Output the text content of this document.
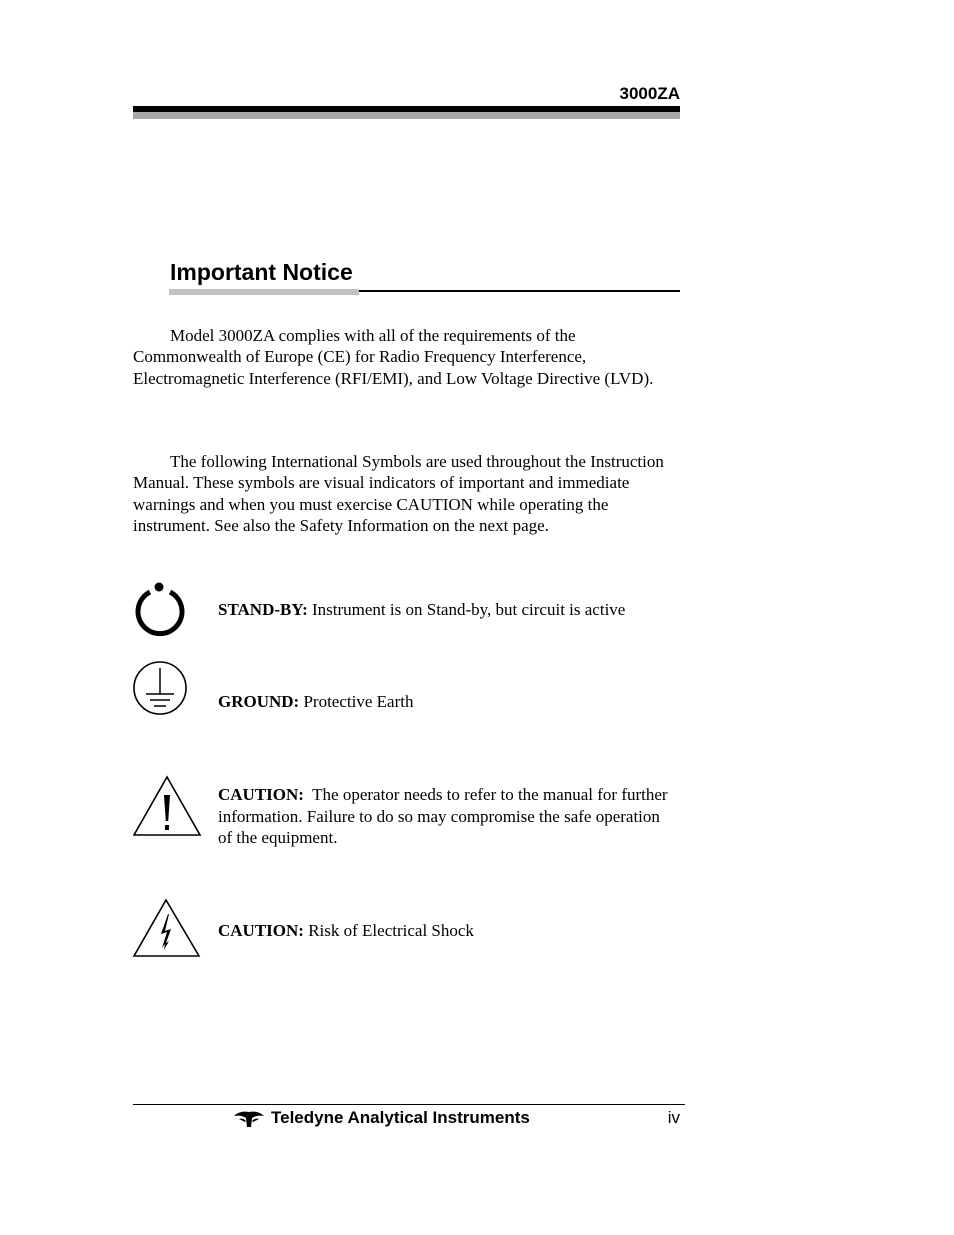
3000ZA
Important Notice
Model 3000ZA complies with all of the requirements of the Commonwealth of Europe (CE) for Radio Frequency Interference, Electromagnetic Interference (RFI/EMI), and Low Voltage Directive (LVD).
The following International Symbols are used throughout the Instruction Manual. These symbols are visual indicators of important and immediate warnings and when you must exercise CAUTION while operating the instrument. See also the Safety Information on the next page.
STAND-BY: Instrument is on Stand-by, but circuit is active
GROUND: Protective Earth
CAUTION: The operator needs to refer to the manual for further information. Failure to do so may compromise the safe operation of the equipment.
CAUTION: Risk of Electrical Shock
Teledyne Analytical Instruments	iv
